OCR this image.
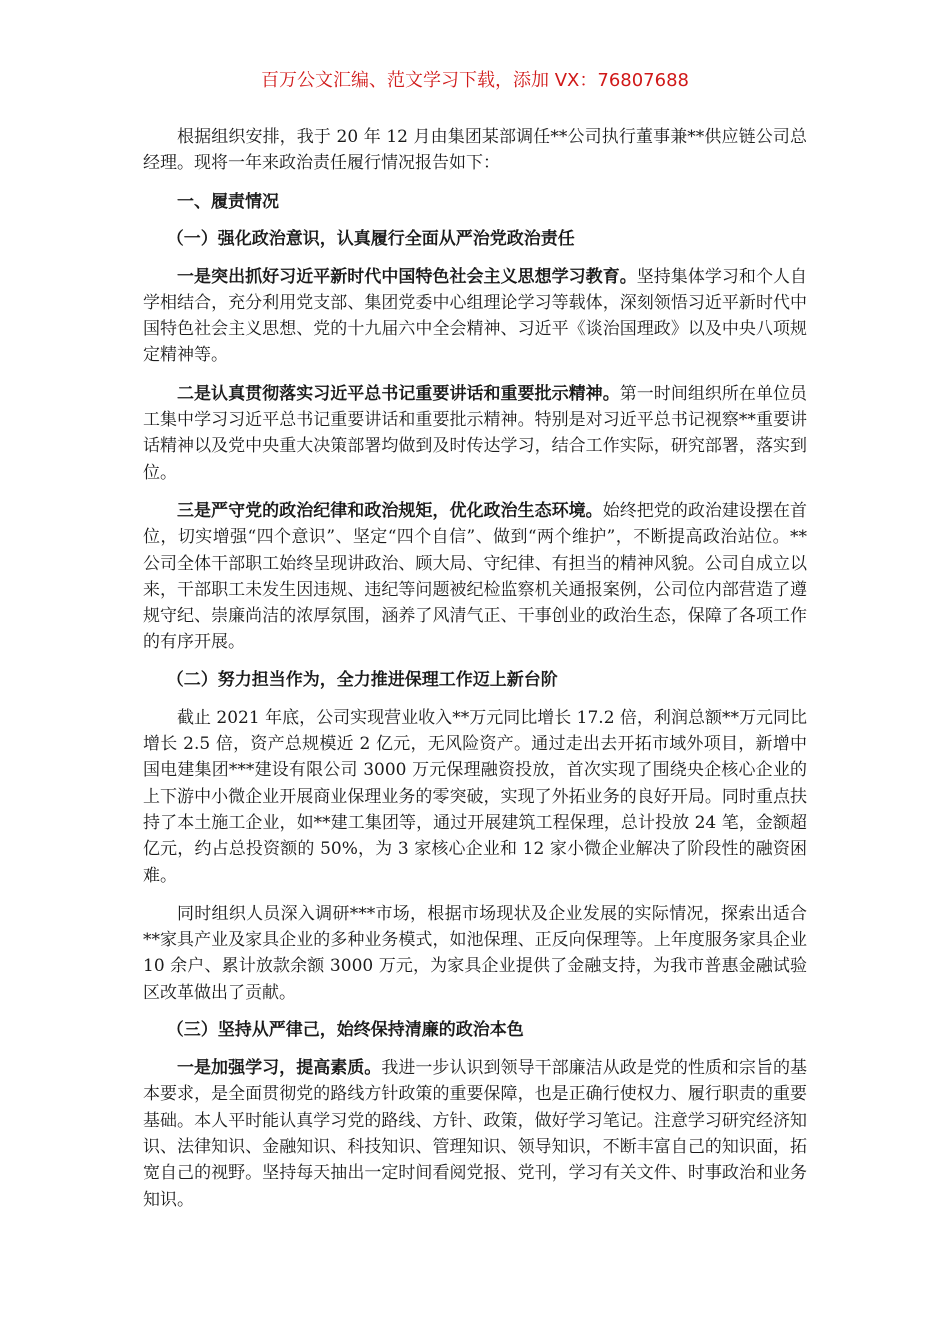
百万公文汇编、范文学习下载，添加 VX：76807688

根据组织安排，我于 20 年 12 月由集团某部调任**公司执行董事兼**供应链公司总经理。现将一年来政治责任履行情况报告如下：

一、履责情况
（一）强化政治意识，认真履行全面从严治党政治责任

一是突出抓好习近平新时代中国特色社会主义思想学习教育。坚持集体学习和个人自学相结合，充分利用党支部、集团党委中心组理论学习等载体，深刻领悟习近平新时代中国特色社会主义思想、党的十九届六中全会精神、习近平《谈治国理政》以及中央八项规定精神等。

二是认真贯彻落实习近平总书记重要讲话和重要批示精神。第一时间组织所在单位员工集中学习习近平总书记重要讲话和重要批示精神。特别是对习近平总书记视察**重要讲话精神以及党中央重大决策部署均做到及时传达学习，结合工作实际，研究部署，落实到位。

三是严守党的政治纪律和政治规矩，优化政治生态环境。始终把党的政治建设摆在首位，切实增强“四个意识”、坚定“四个自信”、做到“两个维护”，不断提高政治站位。**公司全体干部职工始终呈现讲政治、顾大局、守纪律、有担当的精神风貌。公司自成立以来，干部职工未发生因违规、违纪等问题被纪检监察机关通报案例，公司位内部营造了遵规守纪、崇廉尚洁的浓厚氛围，涵养了风清气正、干事创业的政治生态，保障了各项工作的有序开展。

（二）努力担当作为，全力推进保理工作迈上新台阶

截止 2021 年底，公司实现营业收入**万元同比增长 17.2 倍，利润总额**万元同比增长 2.5 倍，资产总规模近 2 亿元，无风险资产。通过走出去开拓市域外项目，新增中国电建集团***建设有限公司 3000 万元保理融资投放，首次实现了围绕央企核心企业的上下游中小微企业开展商业保理业务的零突破，实现了外拓业务的良好开局。同时重点扶持了本土施工企业，如**建工集团等，通过开展建筑工程保理，总计投放 24 笔，金额超亿元，约占总投资额的 50%，为 3 家核心企业和 12 家小微企业解决了阶段性的融资困难。

同时组织人员深入调研***市场，根据市场现状及企业发展的实际情况，探索出适合**家具产业及家具企业的多种业务模式，如池保理、正反向保理等。上年度服务家具企业 10 余户、累计放款余额 3000 万元，为家具企业提供了金融支持，为我市普惠金融试验区改革做出了贡献。

（三）坚持从严律己，始终保持清廉的政治本色

一是加强学习，提高素质。我进一步认识到领导干部廉洁从政是党的性质和宗旨的基本要求，是全面贯彻党的路线方针政策的重要保障，也是正确行使权力、履行职责的重要基础。本人平时能认真学习党的路线、方针、政策，做好学习笔记。注意学习研究经济知识、法律知识、金融知识、科技知识、管理知识、领导知识，不断丰富自己的知识面，拓宽自己的视野。坚持每天抽出一定时间看阅党报、党刊，学习有关文件、时事政治和业务知识。
